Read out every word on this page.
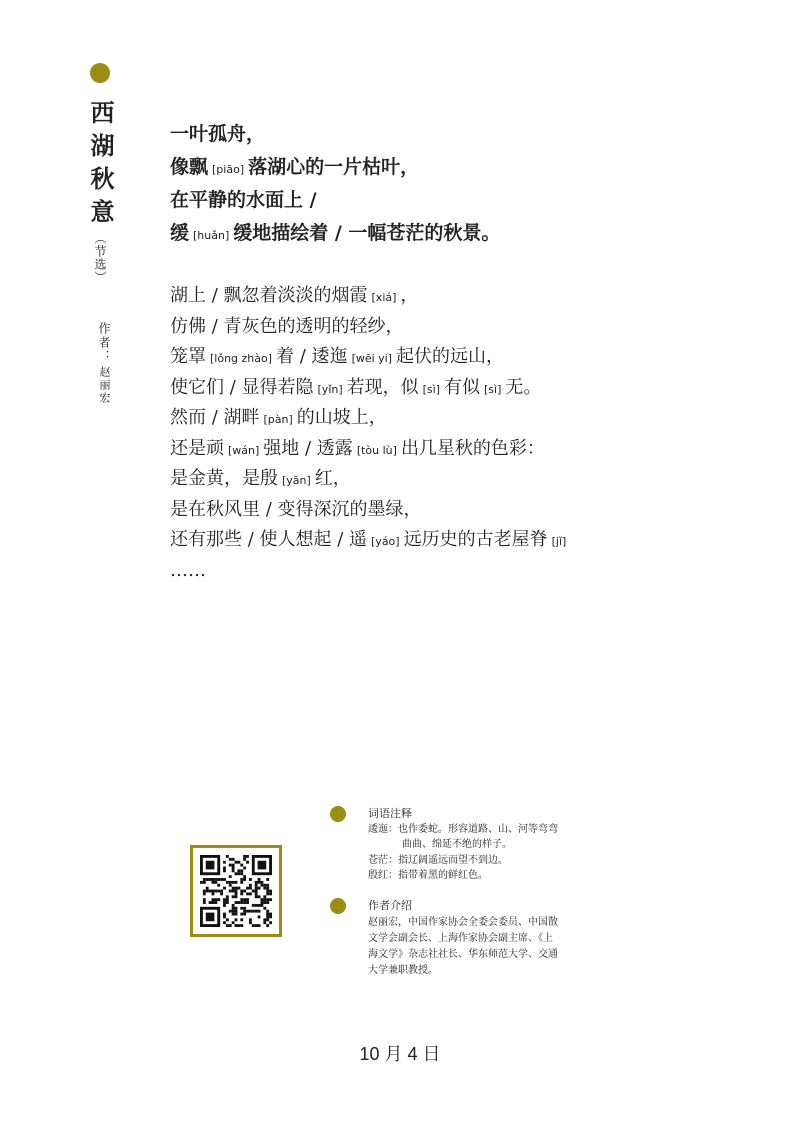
西湖秋意
（节选）
作者：
赵丽宏
一叶孤舟，
像飘 [piāo] 落湖心的一片枯叶，
在平静的水面上 /
缓 [huǎn] 缓地描绘着 / 一幅苍茫的秋景。
湖上 / 飘忽着淡淡的烟霞 [xiá] ，
仿佛 / 青灰色的透明的轻纱，
笼罩 [lǒng zhào] 着 / 逶迤 [wēi yí] 起伏的远山，
使它们 / 显得若隐 [yǐn] 若现，似 [sì] 有似 [sì] 无。
然而 / 湖畔 [pàn] 的山坡上，
还是顽 [wán] 强地 / 透露 [tòu lù] 出几星秋的色彩：
是金黄，是殷 [yān] 红，
是在秋风里 / 变得深沉的墨绿，
还有那些 / 使人想起 / 遥 [yáo] 远历史的古老屋脊 [jǐ]
……
词语注释
逶迤：也作委蛇。形容道路、山、河等弯弯
曲曲、绵延不绝的样子。
苍茫：指辽阔遥远而望不到边。
殷红：指带着黑的鲜红色。
作者介绍
赵丽宏，中国作家协会全委会委员、中国散
文学会副会长、上海作家协会副主席、《上
海文学》杂志社社长、华东师范大学、交通
大学兼职教授。
10 月 4 日
